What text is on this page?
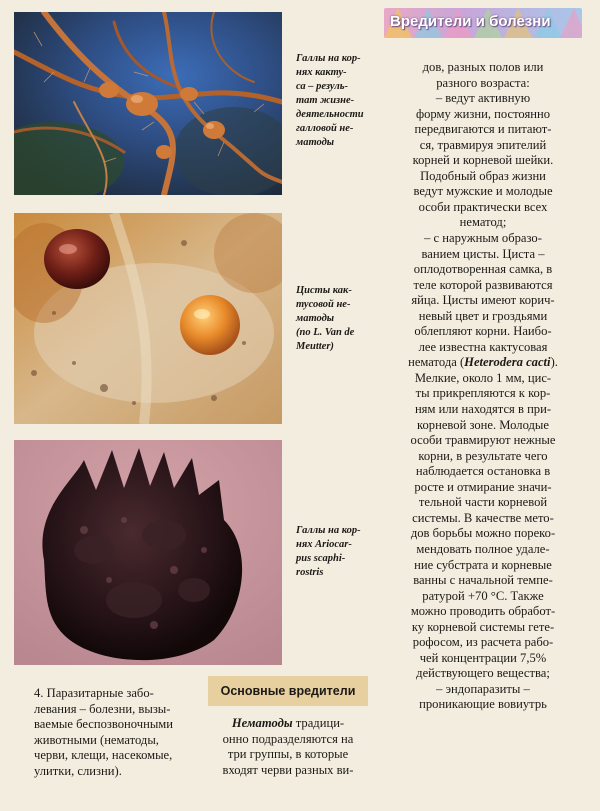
Галлы на кор-
нях какту-
са – резуль-
тат жизне-
деятельности
галловой не-
матоды

Цисты как-
тусовой не-
матоды
(по L. Van de
Meutter)

Галлы на кор-
нях Ariocar-
pus scaphi-
rostris

Вредители и болезни

дов, разных полов или
разного возраста:
– ведут активную
форму жизни, постоянно
передвигаются и питают-
ся, травмируя эпителий
корней и корневой шейки.
Подобный образ жизни
ведут мужские и молодые
особи практически всех
нематод;
– с наружным образо-
ванием цисты. Циста –
оплодотворенная самка, в
теле которой развиваются
яйца. Цисты имеют корич-
невый цвет и гроздьями
облепляют корни. Наибо-
лее известна кактусовая
нематода (Heterodera cacti).
Мелкие, около 1 мм, цис-
ты прикрепляются к кор-
ням или находятся в при-
корневой зоне. Молодые
особи травмируют нежные
корни, в результате чего
наблюдается остановка в
росте и отмирание значи-
тельной части корневой
системы. В качестве мето-
дов борьбы можно пореко-
мендовать полное удале-
ние субстрата и корневые
ванны с начальной темпе-
ратурой +70 °С. Также
можно проводить обработ-
ку корневой системы гете-
рофосом, из расчета рабо-
чей концентрации 7,5%
действующего вещества;
– эндопаразиты –
проникающие вовиутрь

4. Паразитарные забо-
левания – болезни, вызы-
ваемые беспозвоночными
животными (нематоды,
черви, клещи, насекомые,
улитки, слизни).

Основные вредители

Нематоды традици-
онно подразделяются на
три группы, в которые
входят черви разных ви-
